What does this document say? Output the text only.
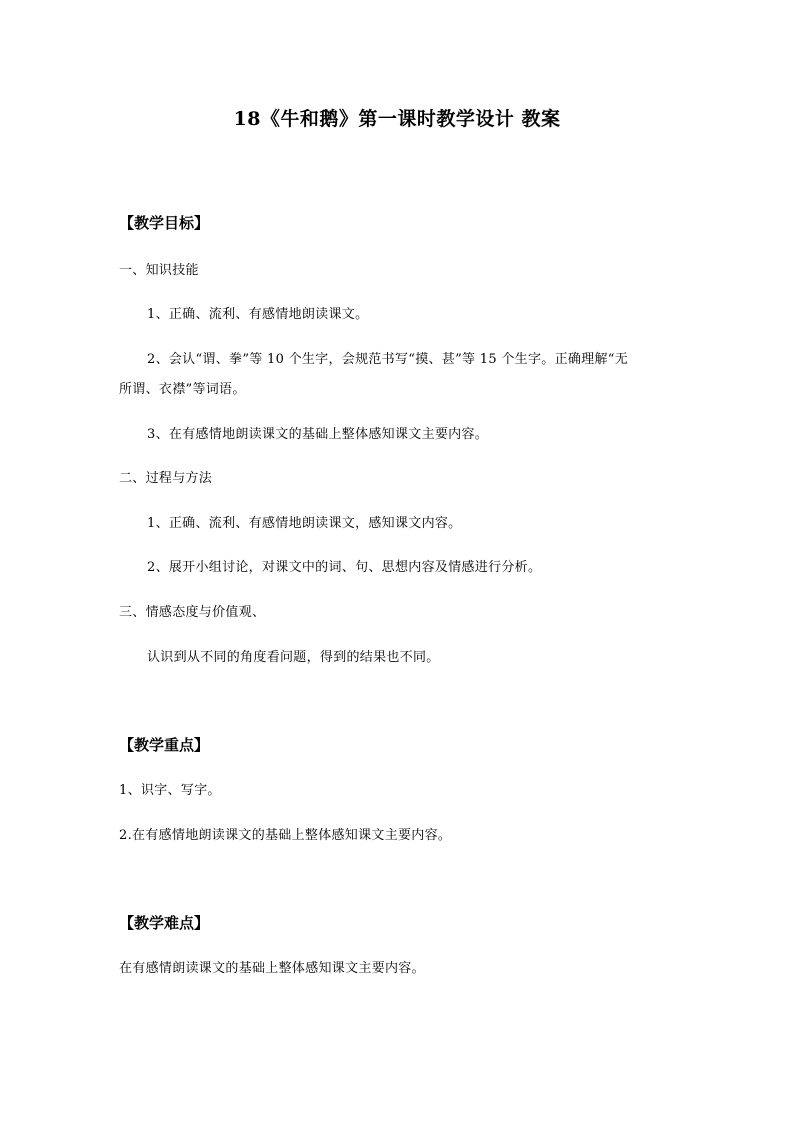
18《牛和鹅》第一课时教学设计 教案
【教学目标】
一、知识技能
1、正确、流利、有感情地朗读课文。
2、会认“谓、拳”等 10 个生字，会规范书写“摸、甚”等 15 个生字。正确理解“无
所谓、衣襟”等词语。
3、在有感情地朗读课文的基础上整体感知课文主要内容。
二、过程与方法
1、正确、流利、有感情地朗读课文，感知课文内容。
2、展开小组讨论，对课文中的词、句、思想内容及情感进行分析。
三、情感态度与价值观、
认识到从不同的角度看问题，得到的结果也不同。
【教学重点】
1、识字、写字。
2.在有感情地朗读课文的基础上整体感知课文主要内容。
【教学难点】
在有感情朗读课文的基础上整体感知课文主要内容。
